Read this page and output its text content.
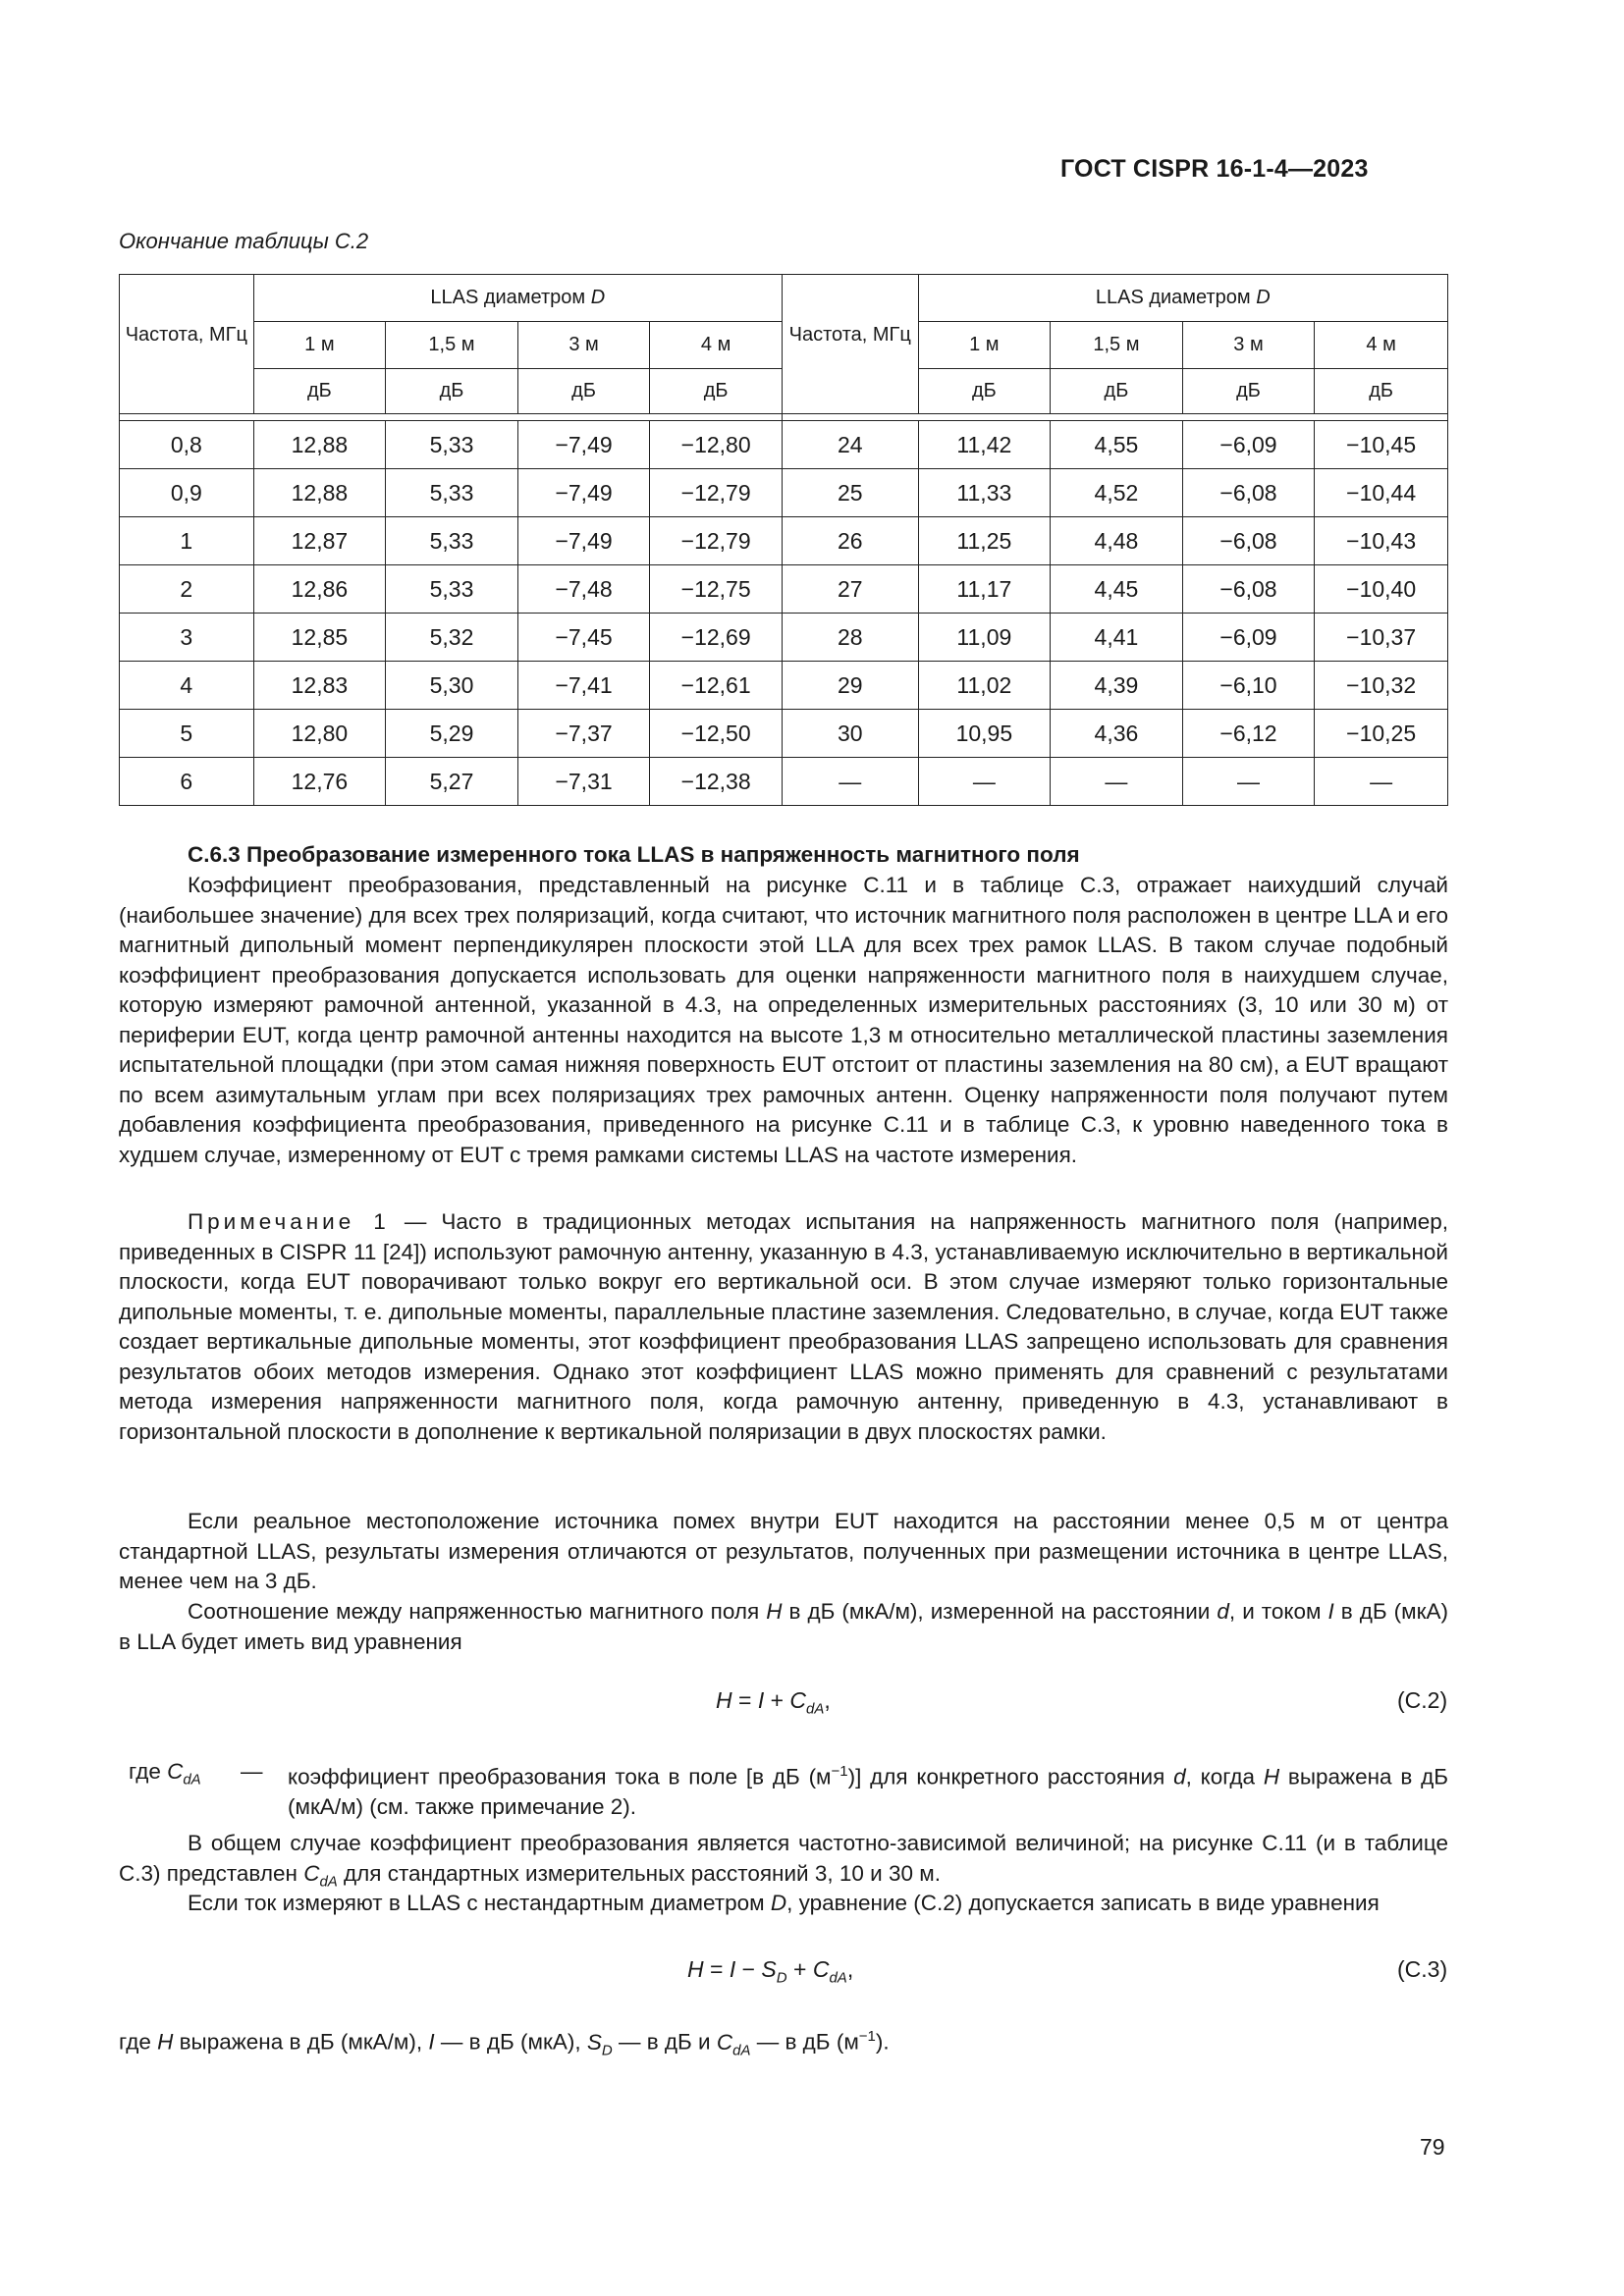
ГОСТ CISPR 16-1-4—2023
Окончание таблицы С.2
Частота, МГц	LLAS диаметром D				Частота, МГц	LLAS диаметром D			
	1 м	1,5 м	3 м	4 м		1 м	1,5 м	3 м	4 м
	дБ	дБ	дБ	дБ		дБ	дБ	дБ	дБ

0,8	12,88	5,33	−7,49	−12,80	24	11,42	4,55	−6,09	−10,45
0,9	12,88	5,33	−7,49	−12,79	25	11,33	4,52	−6,08	−10,44
1	12,87	5,33	−7,49	−12,79	26	11,25	4,48	−6,08	−10,43
2	12,86	5,33	−7,48	−12,75	27	11,17	4,45	−6,08	−10,40
3	12,85	5,32	−7,45	−12,69	28	11,09	4,41	−6,09	−10,37
4	12,83	5,30	−7,41	−12,61	29	11,02	4,39	−6,10	−10,32
5	12,80	5,29	−7,37	−12,50	30	10,95	4,36	−6,12	−10,25
6	12,76	5,27	−7,31	−12,38	—	—	—	—	—
С.6.3 Преобразование измеренного тока LLAS в напряженность магнитного поля
Коэффициент преобразования, представленный на рисунке С.11 и в таблице С.3, отражает наихудший случай (наибольшее значение) для всех трех поляризаций, когда считают, что источник магнитного поля расположен в центре LLA и его магнитный дипольный момент перпендикулярен плоскости этой LLA для всех трех рамок LLAS. В таком случае подобный коэффициент преобразования допускается использовать для оценки напряженности магнитного поля в наихудшем случае, которую измеряют рамочной антенной, указанной в 4.3, на определенных измерительных расстояниях (3, 10 или 30 м) от периферии EUT, когда центр рамочной антенны находится на высоте 1,3 м относительно металлической пластины заземления испытательной площадки (при этом самая нижняя поверхность EUT отстоит от пластины заземления на 80 см), а EUT вращают по всем азимутальным углам при всех поляризациях трех рамочных антенн. Оценку напряженности поля получают путем добавления коэффициента преобразования, приведенного на рисунке С.11 и в таблице С.3, к уровню наведенного тока в худшем случае, измеренному от EUT с тремя рамками системы LLAS на частоте измерения.
Примечание 1 — Часто в традиционных методах испытания на напряженность магнитного поля (например, приведенных в CISPR 11 [24]) используют рамочную антенну, указанную в 4.3, устанавливаемую исключительно в вертикальной плоскости, когда EUT поворачивают только вокруг его вертикальной оси. В этом случае измеряют только горизонтальные дипольные моменты, т. е. дипольные моменты, параллельные пластине заземления. Следовательно, в случае, когда EUT также создает вертикальные дипольные моменты, этот коэффициент преобразования LLAS запрещено использовать для сравнения результатов обоих методов измерения. Однако этот коэффициент LLAS можно применять для сравнений с результатами метода измерения напряженности магнитного поля, когда рамочную антенну, приведенную в 4.3, устанавливают в горизонтальной плоскости в дополнение к вертикальной поляризации в двух плоскостях рамки.
Если реальное местоположение источника помех внутри EUT находится на расстоянии менее 0,5 м от центра стандартной LLAS, результаты измерения отличаются от результатов, полученных при размещении источника в центре LLAS, менее чем на 3 дБ.
Соотношение между напряженностью магнитного поля H в дБ (мкА/м), измеренной на расстоянии d, и током I в дБ (мкА) в LLA будет иметь вид уравнения
$H = I + C_{dA}$,	(С.2)
где $C_{dA}$ — коэффициент преобразования тока в поле [в дБ $(м^{-1})$] для конкретного расстояния d, когда H выражена в дБ (мкА/м) (см. также примечание 2).
В общем случае коэффициент преобразования является частотно-зависимой величиной; на рисунке С.11 (и в таблице С.3) представлен $C_{dA}$ для стандартных измерительных расстояний 3, 10 и 30 м.
Если ток измеряют в LLAS с нестандартным диаметром D, уравнение (С.2) допускается записать в виде уравнения
$H = I - S_D + C_{dA}$,	(С.3)
где H выражена в дБ (мкА/м), I — в дБ (мкА), $S_D$ — в дБ и $C_{dA}$ — в дБ $(м^{-1})$.
79
